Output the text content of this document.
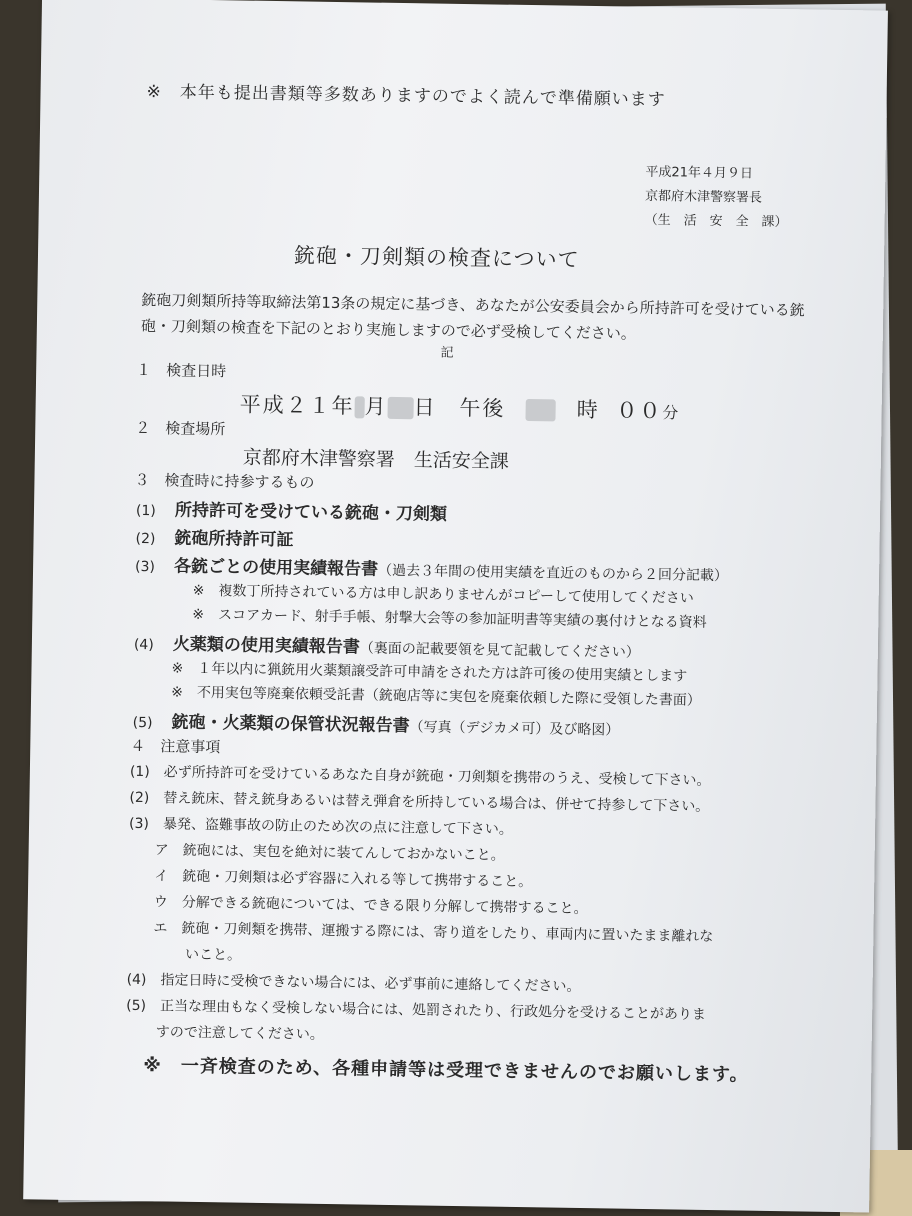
※　本年も提出書類等多数ありますのでよく読んで準備願います
平成21年４月９日
京都府木津警察署長
（生　活　安　全　課）
銃砲・刀剣類の検査について
銃砲刀剣類所持等取締法第13条の規定に基づき、あなたが公安委員会から所持許可を受けている銃砲・刀剣類の検査を下記のとおり実施しますので必ず受検してください。
記
１　検査日時
平成２１年 月 日 午後	時 ００分
２　検査場所
京都府木津警察署　生活安全課
３　検査時に持参するもの
(1) 所持許可を受けている銃砲・刀剣類
(2) 銃砲所持許可証
(3) 各銃ごとの使用実績報告書（過去３年間の使用実績を直近のものから２回分記載）
※　複数丁所持されている方は申し訳ありませんがコピーして使用してください
※　スコアカード、射手手帳、射撃大会等の参加証明書等実績の裏付けとなる資料
(4) 火薬類の使用実績報告書（裏面の記載要領を見て記載してください）
※　１年以内に猟銃用火薬類譲受許可申請をされた方は許可後の使用実績とします
※　不用実包等廃棄依頼受託書（銃砲店等に実包を廃棄依頼した際に受領した書面）
(5) 銃砲・火薬類の保管状況報告書（写真（デジカメ可）及び略図）
４　注意事項
(1)　必ず所持許可を受けているあなた自身が銃砲・刀剣類を携帯のうえ、受検して下さい。
(2)　替え銃床、替え銃身あるいは替え弾倉を所持している場合は、併せて持参して下さい。
(3)　暴発、盗難事故の防止のため次の点に注意して下さい。
ア　銃砲には、実包を絶対に装てんしておかないこと。
イ　銃砲・刀剣類は必ず容器に入れる等して携帯すること。
ウ　分解できる銃砲については、できる限り分解して携帯すること。
エ　銃砲・刀剣類を携帯、運搬する際には、寄り道をしたり、車両内に置いたまま離れな
いこと。
(4)　指定日時に受検できない場合には、必ず事前に連絡してください。
(5)　正当な理由もなく受検しない場合には、処罰されたり、行政処分を受けることがありま
すので注意してください。
※　一斉検査のため、各種申請等は受理できませんのでお願いします。
